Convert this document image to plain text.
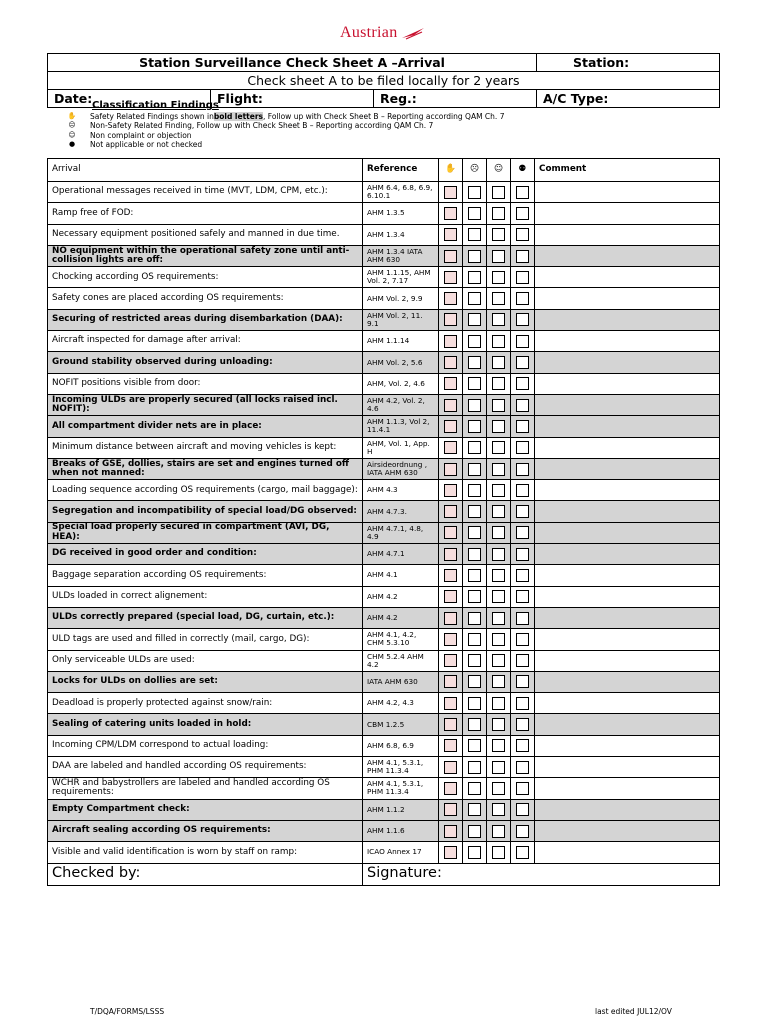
Austrian
Station Surveillance Check Sheet A –Arrival			Station:
Check sheet A to be filed locally for 2 years			
Date:	Flight:	Reg.:	A/C Type:
Classification Findings
✋	Safety Related Findings shown in bold letters , Follow up with Check Sheet B – Reporting according QAM Ch. 7
☹	Non-Safety Related Finding, Follow up with Check Sheet B – Reporting according QAM Ch. 7
☺	Non complaint or objection
●	Not applicable or not checked
Arrival	Reference	✋	☹	☺	⚉	Comment
Operational messages received in time (MVT, LDM, CPM, etc.):	AHM 6.4, 6.8, 6.9, 6.10.1					
Ramp free of FOD:	AHM 1.3.5					
Necessary equipment positioned safely and manned in due time.	AHM 1.3.4					
NO equipment within the operational safety zone until anti-collision lights are off:	AHM 1.3.4 IATA AHM 630					
Chocking according OS requirements:	AHM 1.1.15, AHM Vol. 2, 7.17					
Safety cones are placed according OS requirements:	AHM Vol. 2, 9.9					
Securing of restricted areas during disembarkation (DAA):	AHM Vol. 2, 11. 9.1					
Aircraft inspected for damage after arrival:	AHM 1.1.14					
Ground stability observed during unloading:	AHM Vol. 2, 5.6					
NOFIT positions visible from door:	AHM, Vol. 2, 4.6					
Incoming ULDs are properly secured (all locks raised incl. NOFIT):	AHM 4.2, Vol. 2, 4.6					
All compartment divider nets are in place:	AHM 1.1.3, Vol 2, 11.4.1					
Minimum distance between aircraft and moving vehicles is kept:	AHM, Vol. 1, App. H					
Breaks of GSE, dollies, stairs are set and engines turned off when not manned:	Airsideordnung , IATA AHM 630					
Loading sequence according OS requirements (cargo, mail baggage):	AHM 4.3					
Segregation and incompatibility of special load/DG observed:	AHM 4.7.3.					
Special load properly secured in compartment (AVI, DG, HEA):	AHM 4.7.1, 4.8, 4.9					
DG received in good order and condition:	AHM 4.7.1					
Baggage separation according OS requirements:	AHM 4.1					
ULDs loaded in correct alignement:	AHM 4.2					
ULDs correctly prepared (special load, DG, curtain, etc.):	AHM 4.2					
ULD tags are used and filled in correctly (mail, cargo, DG):	AHM 4.1, 4.2, CHM 5.3.10					
Only serviceable ULDs are used:	CHM 5.2.4 AHM 4.2					
Locks for ULDs on dollies are set:	IATA AHM 630					
Deadload is properly protected against snow/rain:	AHM 4.2, 4.3					
Sealing of catering units loaded in hold:	CBM 1.2.5					
Incoming CPM/LDM correspond to actual loading:	AHM 6.8, 6.9					
DAA are labeled and handled according OS requirements:	AHM 4.1, 5.3.1, PHM 11.3.4					
WCHR and babystrollers are labeled and handled according OS requirements:	AHM 4.1, 5.3.1, PHM 11.3.4					
Empty Compartment check:	AHM 1.1.2					
Aircraft sealing according OS requirements:	AHM 1.1.6					
Visible and valid identification is worn by staff on ramp:	ICAO Annex 17					
Checked by:	Signature:					
T/DQA/FORMS/LSSS	last edited JUL12/OV
